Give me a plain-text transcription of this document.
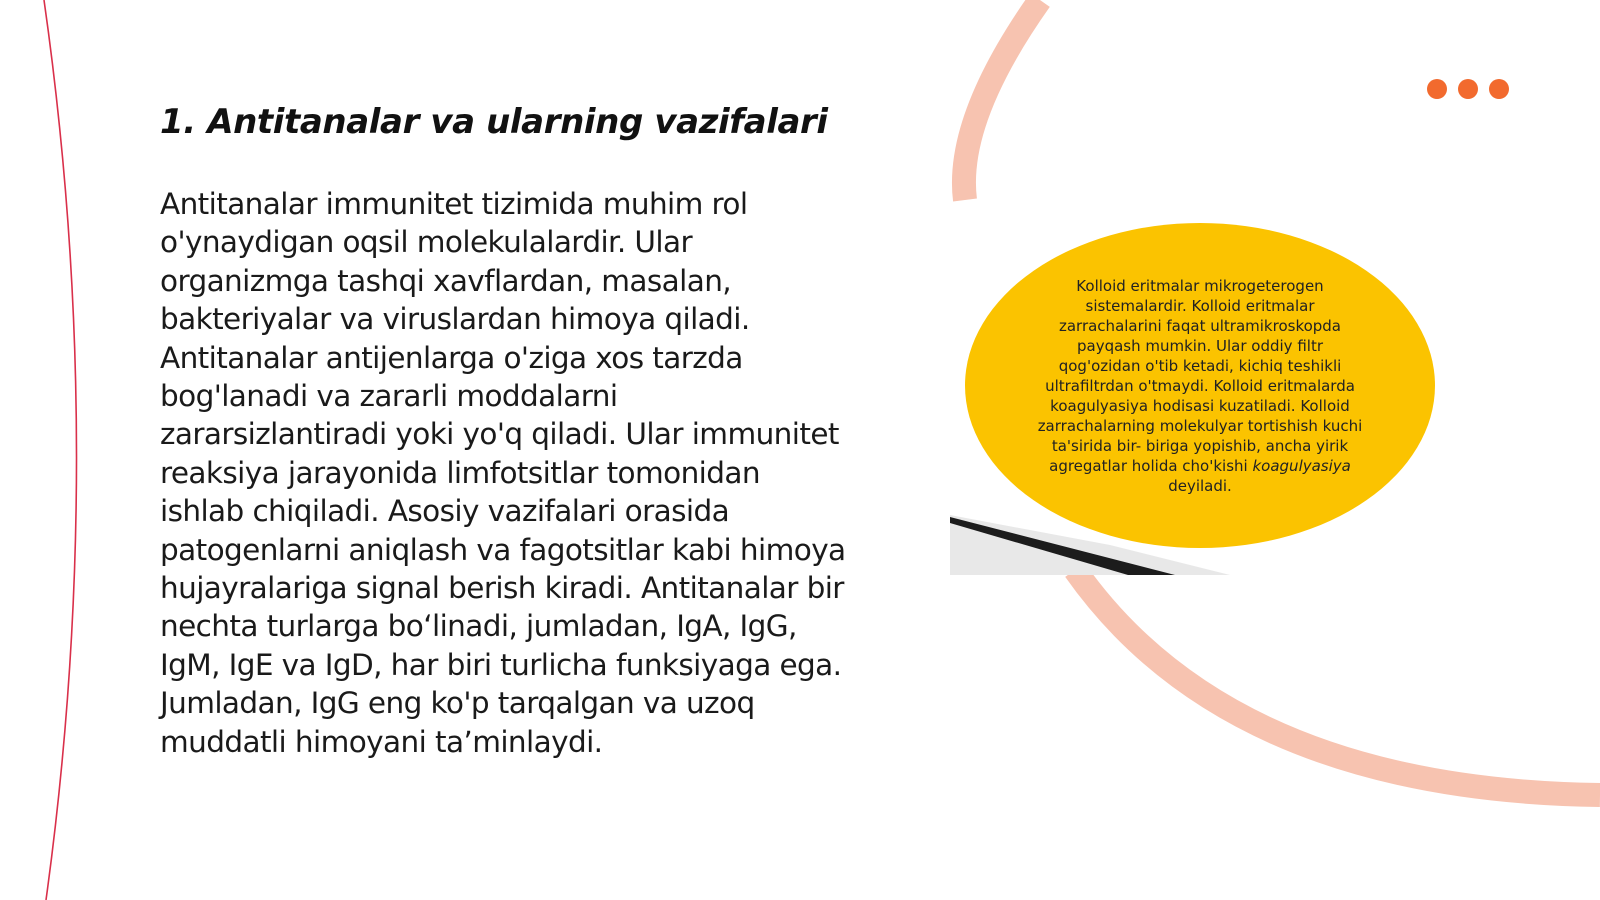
1. Antitanalar va ularning vazifalari

Antitanalar immunitet tizimida muhim rol o'ynaydigan oqsil molekulalardir. Ular organizmga tashqi xavflardan, masalan, bakteriyalar va viruslardan himoya qiladi. Antitanalar antijenlarga o'ziga xos tarzda bog'lanadi va zararli moddalarni zararsizlantiradi yoki yo'q qiladi. Ular immunitet reaksiya jarayonida limfotsitlar tomonidan ishlab chiqiladi. Asosiy vazifalari orasida patogenlarni aniqlash va fagotsitlar kabi himoya hujayralariga signal berish kiradi. Antitanalar bir nechta turlarga bo‘linadi, jumladan, IgA, IgG, IgM, IgE va IgD, har biri turlicha funksiyaga ega. Jumladan, IgG eng ko'p tarqalgan va uzoq muddatli himoyani ta’minlaydi.

Kolloid eritmalar mikrogeterogen sistemalardir. Kolloid eritmalar zarrachalarini faqat ultramikroskopda payqash mumkin. Ular oddiy filtr qog'ozidan o'tib ketadi, kichiq teshikli ultrafiltrdan o'tmaydi. Kolloid eritmalarda koagulyasiya hodisasi kuzatiladi. Kolloid zarrachalarning molekulyar tortishish kuchi ta'sirida bir- biriga yopishib, ancha yirik agregatlar holida cho'kishi koagulyasiya deyiladi.
